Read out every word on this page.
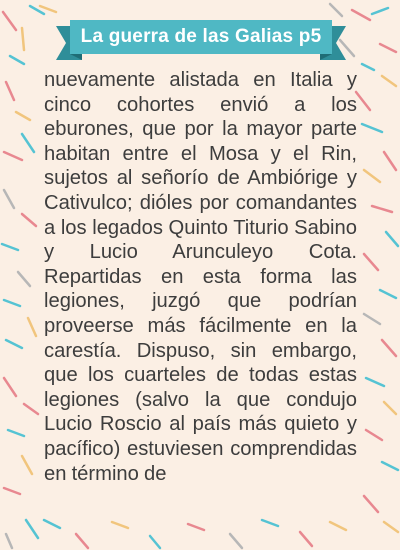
La guerra de las Galias p5

nuevamente alistada en Italia y cinco cohortes envió a los eburones, que por la mayor parte habitan entre el Mosa y el Rin, sujetos al señorío de Ambiórige y Cativulco; dióles por comandantes a los legados Quinto Titurio Sabino y Lucio Arunculeyo Cota. Repartidas en esta forma las legiones, juzgó que podrían proveerse más fácilmente en la carestía. Dispuso, sin embargo, que los cuarteles de todas estas legiones (salvo la que condujo Lucio Roscio al país más quieto y pacífico) estuviesen comprendidas en término de
